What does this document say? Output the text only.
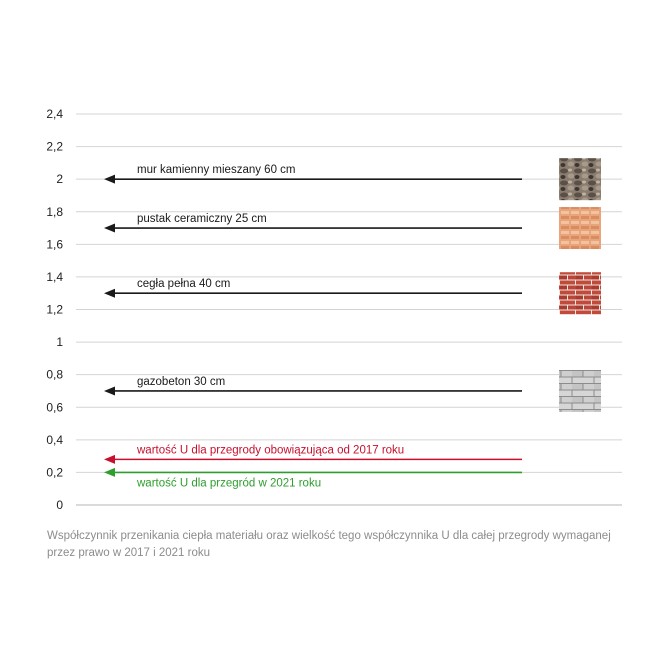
0
0,2
0,4
0,6
0,8
1
1,2
1,4
1,6
1,8
2
2,2
2,4
mur kamienny mieszany 60 cm
pustak ceramiczny 25 cm
cegła pełna 40 cm
gazobeton 30 cm
wartość U dla przegrody obowiązująca od 2017 roku
wartość U dla przegród w 2021 roku
Współczynnik przenikania ciepła materiału oraz wielkość tego współczynnika U dla całej przegrody wymaganej przez prawo w 2017 i 2021 roku
